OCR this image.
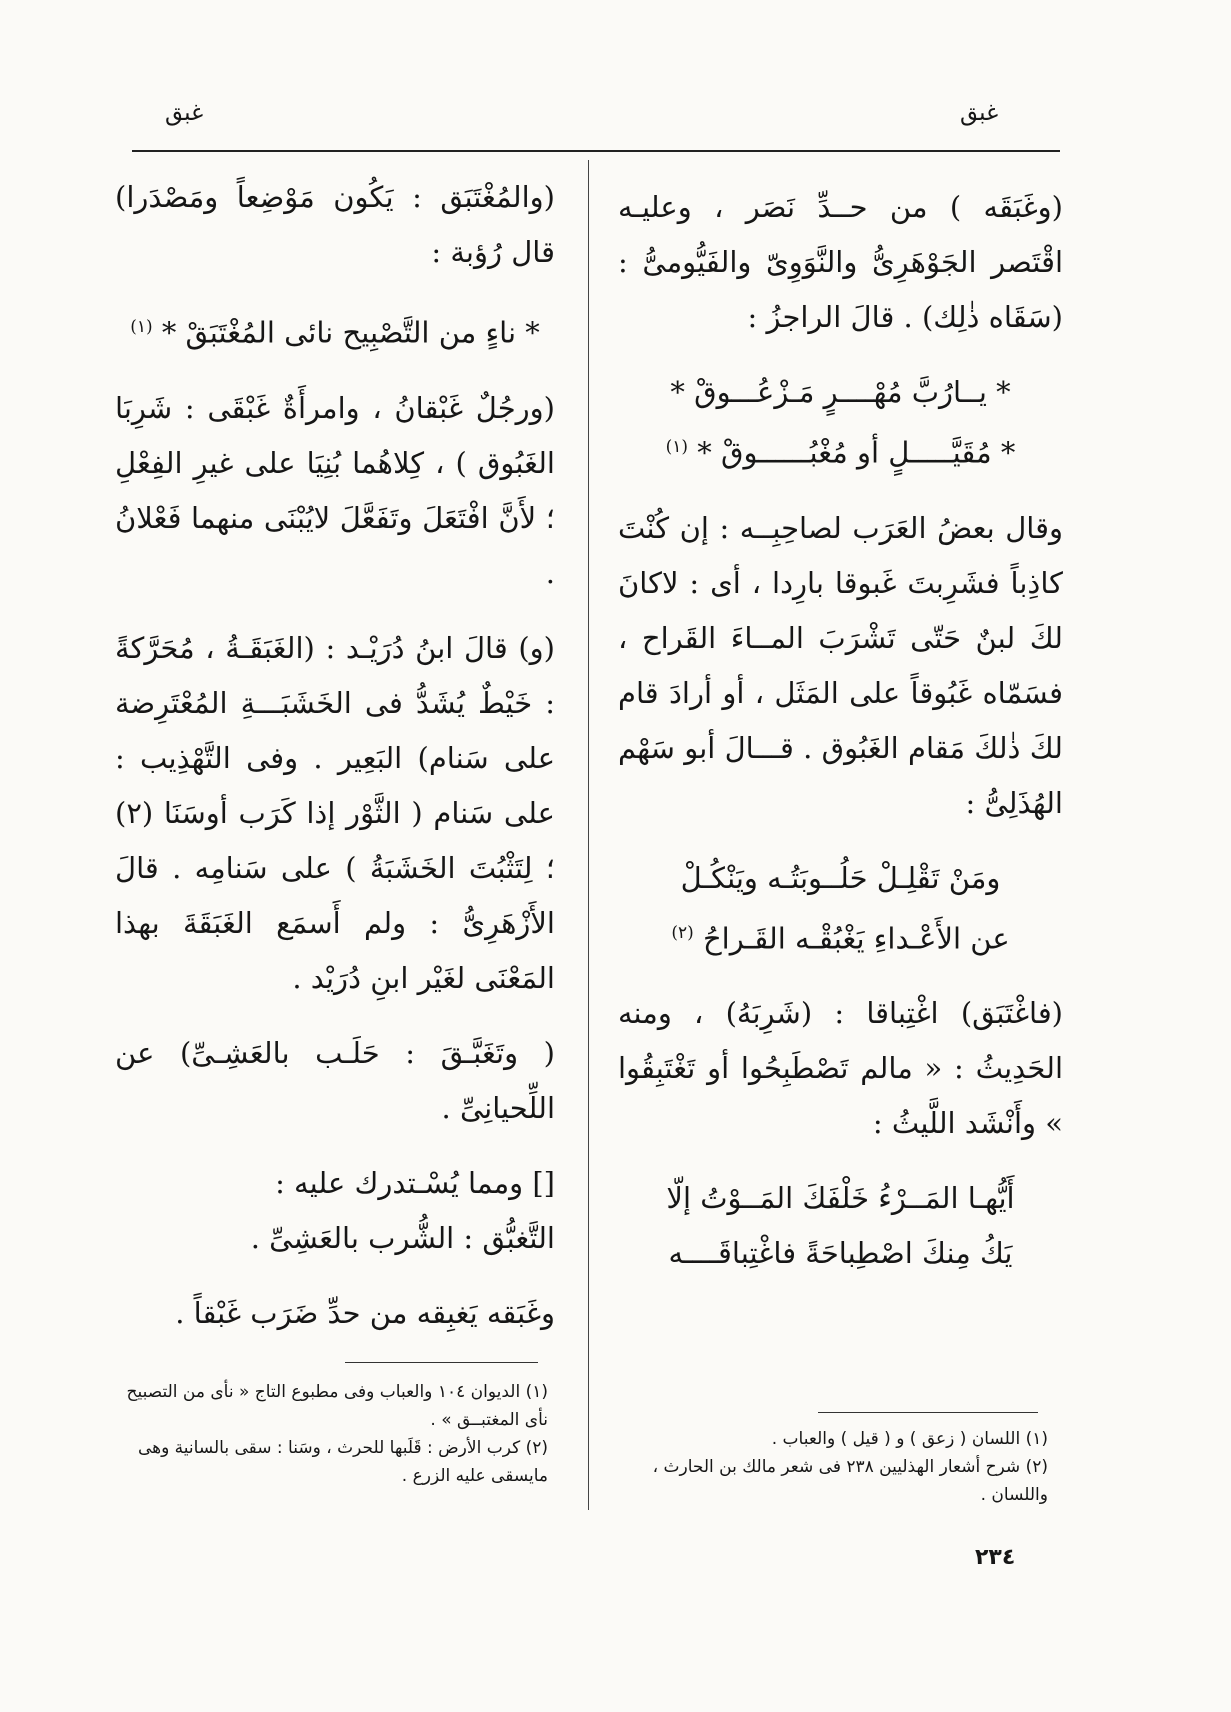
غبق	غبق

(وغَبَقَه ) من حــدِّ نَصَر ، وعليـه اقْتَصر الجَوْهَرِىُّ والنَّوَوِىّ والفَيُّومىُّ : (سَقَاه ذٰلِك) . قالَ الراجزُ :

* يــارُبَّ مُهْــــرٍ مَـزْعُـــوقْ *

* مُقَيَّـــــلٍ أو مُغْبُــــــوقْ * $^{(١)}$

وقال بعضُ العَرَب لصاحِبِــه : إن كُنْتَ كاذِباً فشَرِبتَ غَبوقا بارِدا ، أى : لاكانَ لكَ لبنٌ حَتّى تَشْرَبَ المــاءَ القَراح ، فسَمّاه غَبُوقاً على المَثَل ، أو أرادَ قام لكَ ذٰلكَ مَقام الغَبُوق . قـــالَ أبو سَهْم الهُذَلِىُّ :

ومَنْ تَقْلِـلْ حَلُــوبَتُـه ويَنْكُـلْ

عن الأَعْـداءِ يَغْبُقْـه القَـراحُ $^{(٢)}$

(فاغْتَبَق) اغْتِباقا : (شَرِبَهُ) ، ومنه الحَدِيثُ : « مالم تَصْطَبِحُوا أو تَغْتَبِقُوا » وأَنْشَد اللَّيثُ :

أَيُّهـا المَــرْءُ خَلْفَكَ المَــوْتُ إلّا

يَكُ مِنكَ اصْطِباحَةً فاغْتِباقَــــه

(والمُغْتَبَق : يَكُون مَوْضِعاً ومَصْدَرا) قال رُؤبة :

* ناءٍ من التَّصْبِيح نائى المُغْتَبَقْ * $^{(١)}$

(ورجُلٌ غَبْقانُ ، وامرأَةٌ غَبْقَى : شَرِبَا الغَبُوق ) ، كِلاهُما بُنِيَا على غيرِ الفِعْلِ ؛ لأَنَّ افْتَعَلَ وتَفَعَّلَ لايُبْنَى منهما فَعْلانُ .

(و) قالَ ابنُ دُرَيْـد : (الغَبَقَـةُ ، مُحَرَّكةً : خَيْطٌ يُشَدُّ فى الخَشَبَـــةِ المُعْتَرِضة على سَنام) البَعِير . وفى التَّهْذِيب : على سَنام ( الثَّوْر إذا كَرَب أوسَنَا (٢) ؛ لِتَثْبُتَ الخَشَبَةُ ) على سَنامِه . قالَ الأَزْهَرِىُّ : ولم أَسمَع الغَبَقَةَ بهذا المَعْنَى لغَيْر ابنِ دُرَيْد .

( وتَغَبَّـقَ : حَلَـب بالعَشِـىِّ) عن اللِّحيانِىِّ .

[] ومما يُسْـتدرك عليه :

التَّغبُّق : الشُّرب بالعَشِىِّ .

وغَبَقه يَغبِقه من حدِّ ضَرَب غَبْقاً .

(١) الديوان ١٠٤ والعباب وفى مطبوع التاج « نأى من التصبيح نأى المغتبــق » .

(٢) كرب الأرض : قَلَبها للحرث ، وسَنا : سقى بالسانية وهى مايسقى عليه الزرع .

(١) اللسان ( زعق ) و ( قيل ) والعباب .

(٢) شرح أشعار الهذليين ٢٣٨ فى شعر مالك بن الحارث ، واللسان .

٢٣٤
